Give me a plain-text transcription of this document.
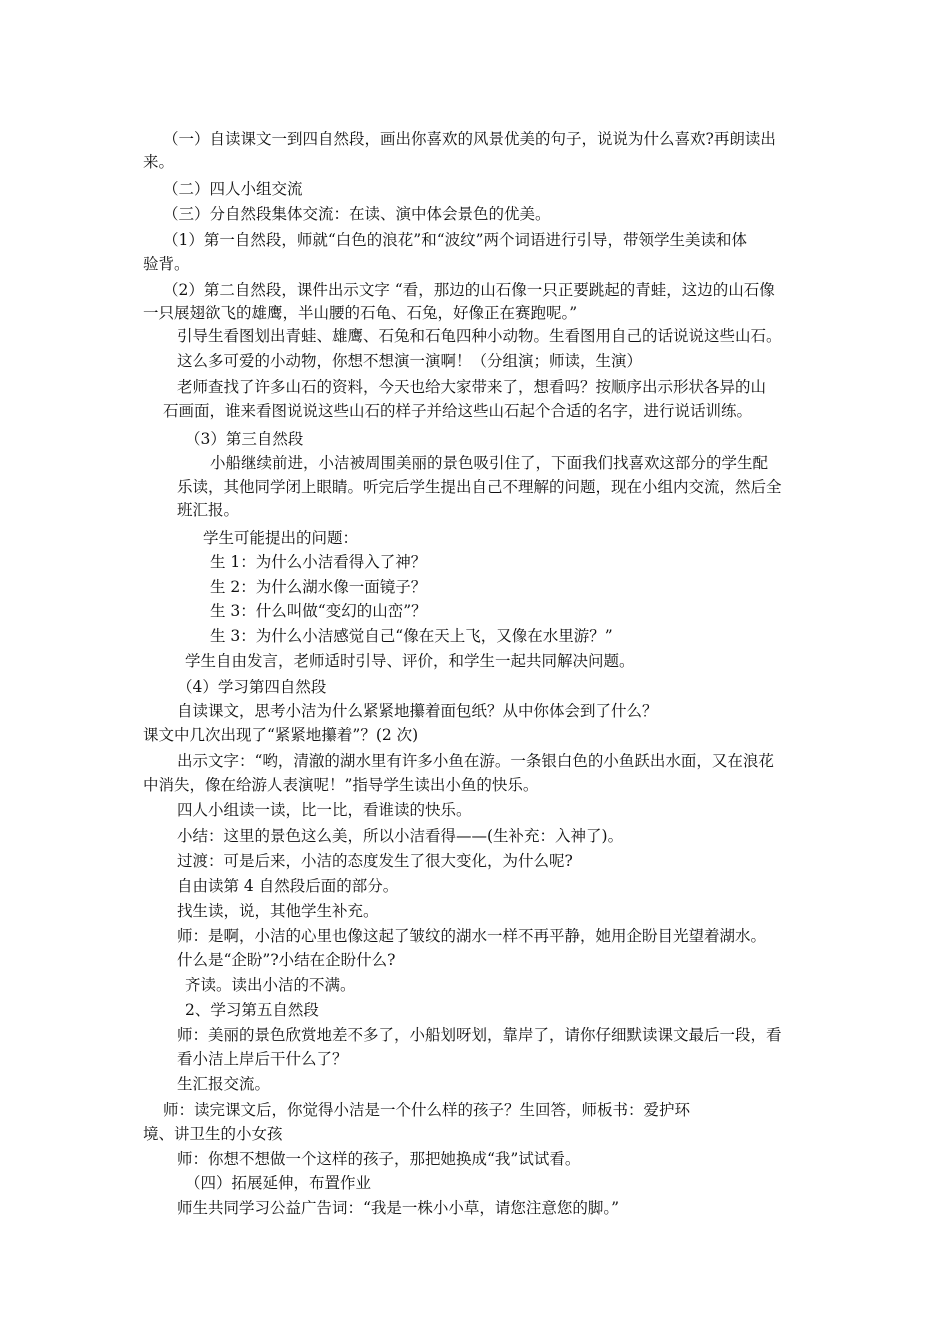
（一）自读课文一到四自然段，画出你喜欢的风景优美的句子，说说为什么喜欢?再朗读出

来。

（二）四人小组交流

（三）分自然段集体交流：在读、演中体会景色的优美。

（1）第一自然段，师就“白色的浪花”和“波纹”两个词语进行引导，带领学生美读和体

验背。

（2）第二自然段，课件出示文字 “看，那边的山石像一只正要跳起的青蛙，这边的山石像

一只展翅欲飞的雄鹰，半山腰的石龟、石兔，好像正在赛跑呢。”

引导生看图划出青蛙、雄鹰、石兔和石龟四种小动物。生看图用自己的话说说这些山石。

这么多可爱的小动物，你想不想演一演啊！（分组演；师读，生演）

老师查找了许多山石的资料，今天也给大家带来了，想看吗？按顺序出示形状各异的山

石画面，谁来看图说说这些山石的样子并给这些山石起个合适的名字，进行说话训练。

（3）第三自然段

小船继续前进，小洁被周围美丽的景色吸引住了，下面我们找喜欢这部分的学生配

乐读，其他同学闭上眼睛。听完后学生提出自己不理解的问题，现在小组内交流，然后全

班汇报。

学生可能提出的问题：

生 1：为什么小洁看得入了神？

生 2：为什么湖水像一面镜子？

生 3：什么叫做“变幻的山峦”？

生 3：为什么小洁感觉自己“像在天上飞，又像在水里游？”

学生自由发言，老师适时引导、评价，和学生一起共同解决问题。

（4）学习第四自然段

自读课文，思考小洁为什么紧紧地攥着面包纸？从中你体会到了什么？

课文中几次出现了“紧紧地攥着”？(2 次)

出示文字：“哟，清澈的湖水里有许多小鱼在游。一条银白色的小鱼跃出水面，又在浪花

中消失，像在给游人表演呢！”指导学生读出小鱼的快乐。

四人小组读一读，比一比，看谁读的快乐。

小结：这里的景色这么美，所以小洁看得——(生补充：入神了)。

过渡：可是后来，小洁的态度发生了很大变化，为什么呢?

自由读第 4 自然段后面的部分。

找生读，说，其他学生补充。

师：是啊，小洁的心里也像这起了皱纹的湖水一样不再平静，她用企盼目光望着湖水。

什么是“企盼”?小结在企盼什么?

齐读。读出小洁的不满。

2、学习第五自然段

师：美丽的景色欣赏地差不多了，小船划呀划，靠岸了，请你仔细默读课文最后一段，看

看小洁上岸后干什么了？

生汇报交流。

师：读完课文后，你觉得小洁是一个什么样的孩子？生回答，师板书：爱护环

境、讲卫生的小女孩

师：你想不想做一个这样的孩子，那把她换成“我”试试看。

（四）拓展延伸，布置作业

师生共同学习公益广告词：“我是一株小小草，请您注意您的脚。”
